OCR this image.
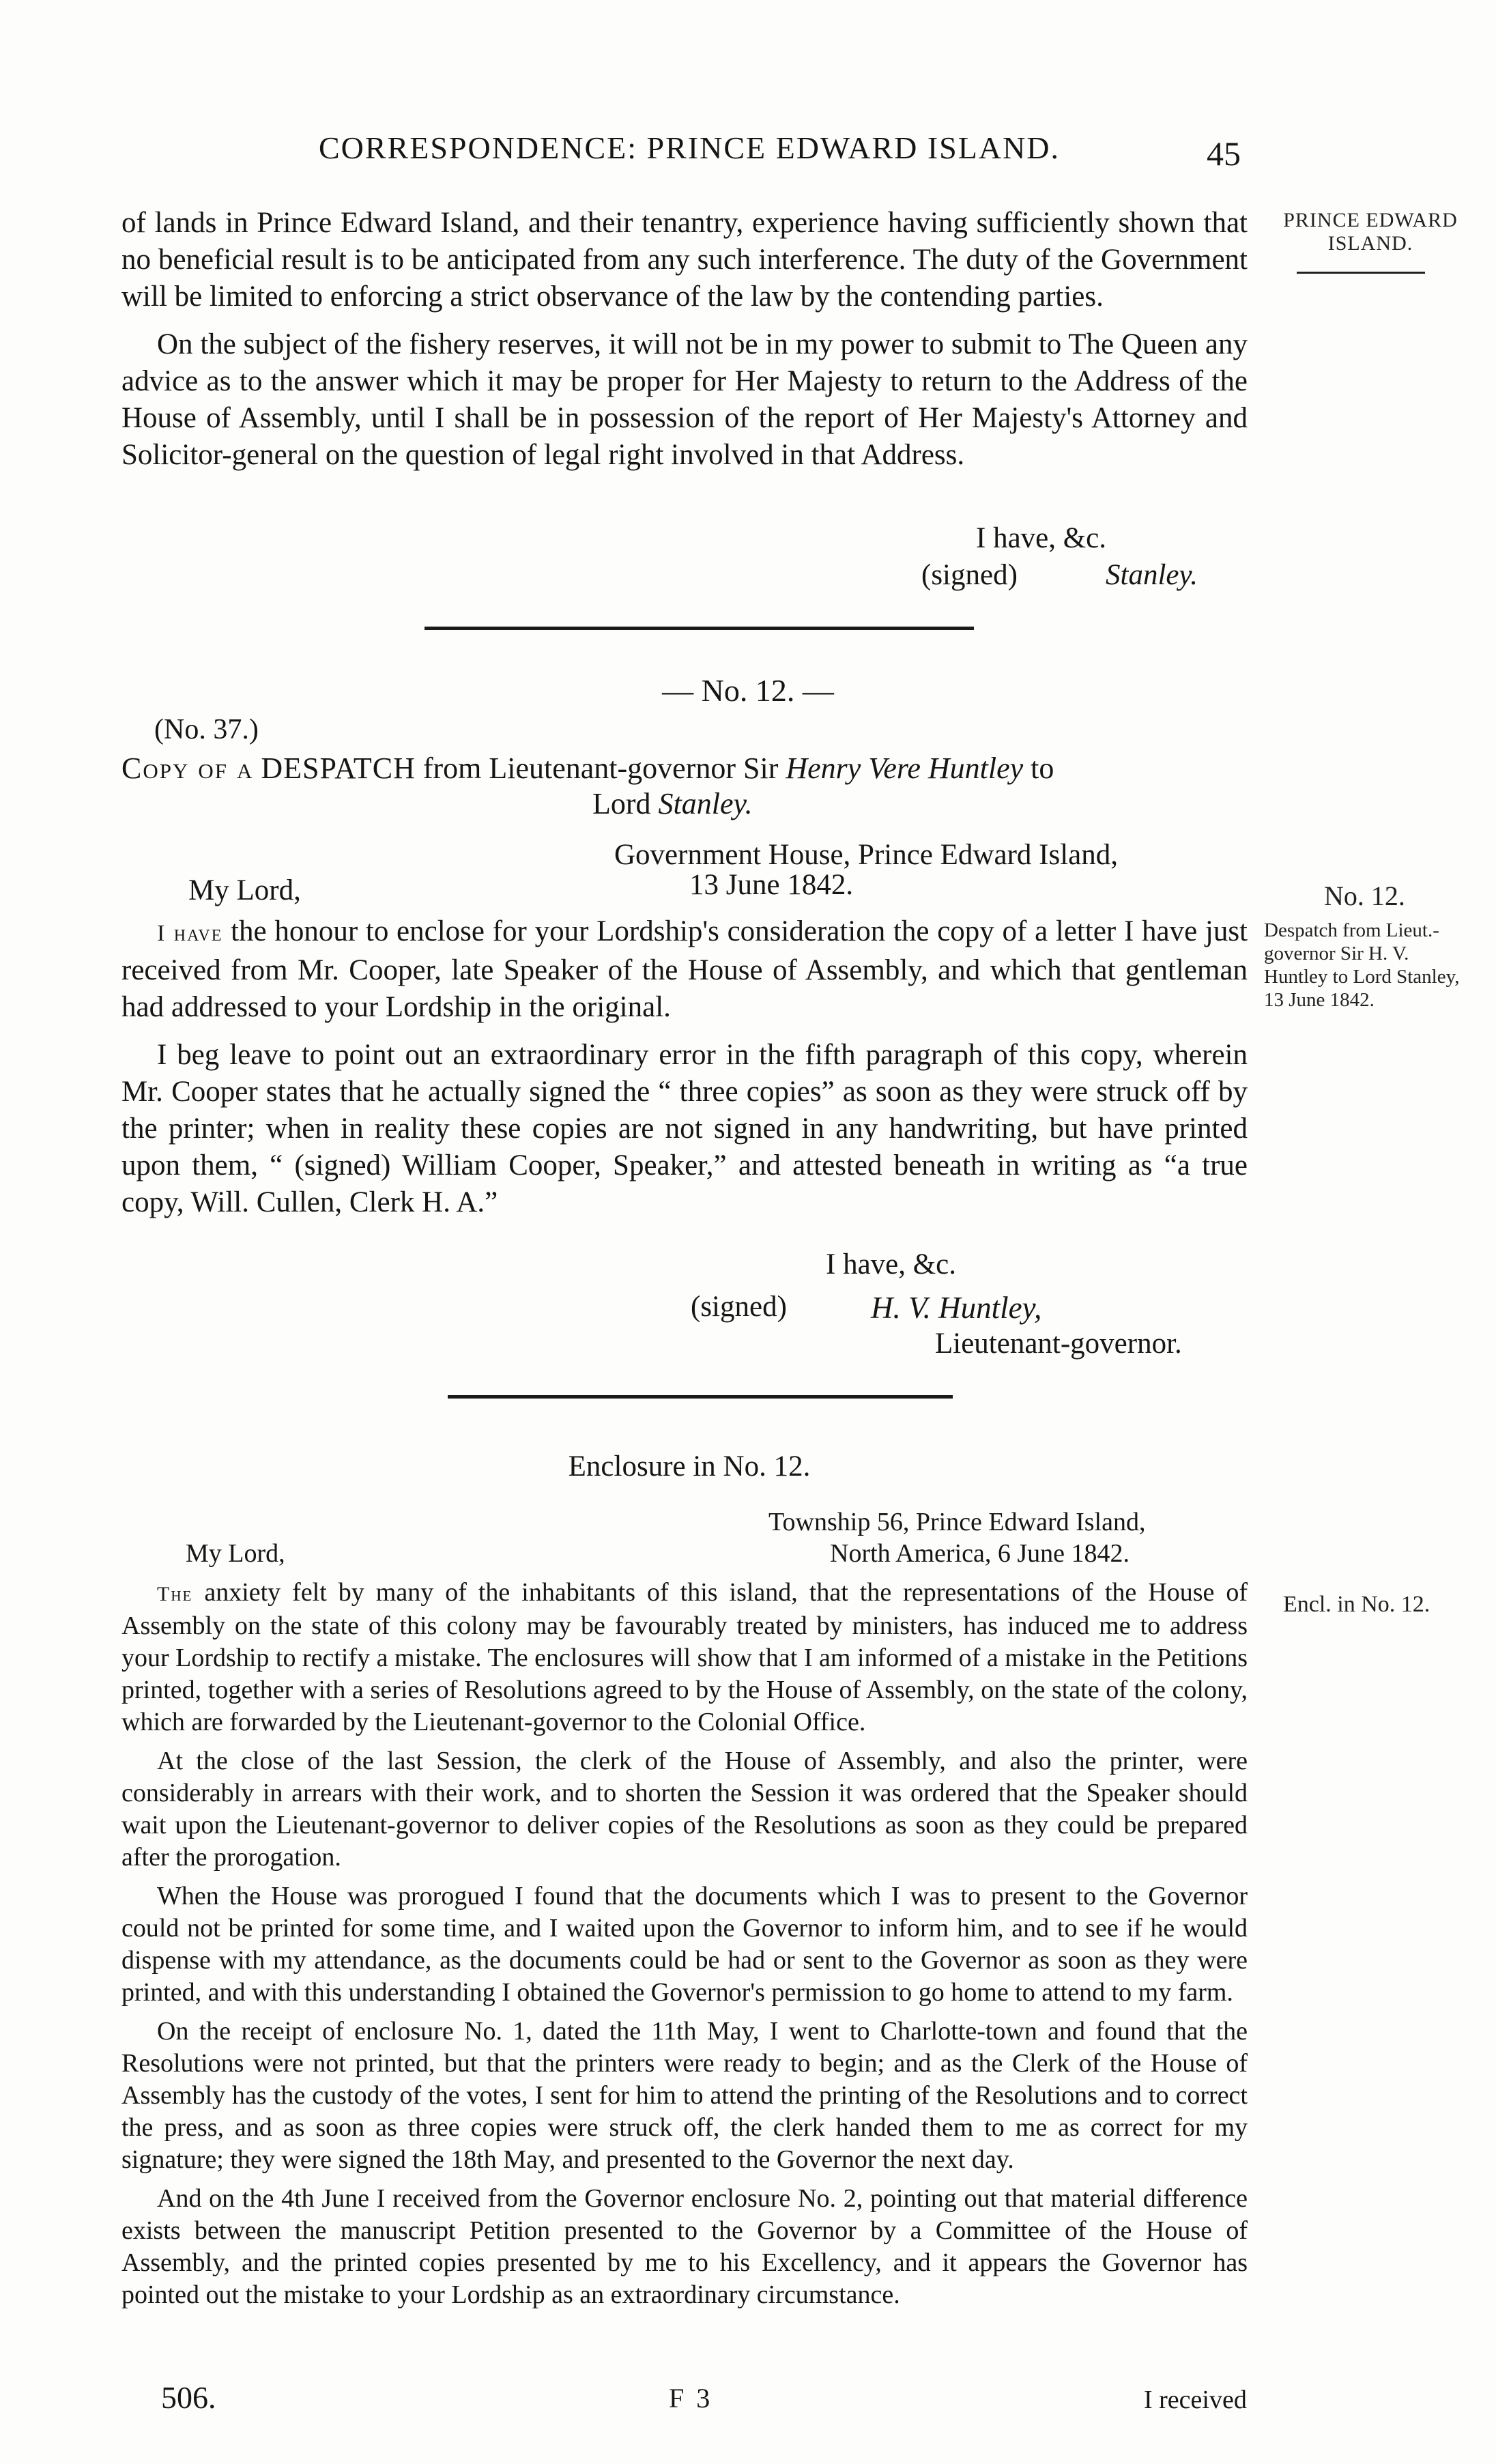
CORRESPONDENCE: PRINCE EDWARD ISLAND.	45
PRINCE EDWARD ISLAND.

of lands in Prince Edward Island, and their tenantry, experience having sufficiently shown that no beneficial result is to be anticipated from any such interference. The duty of the Government will be limited to enforcing a strict observance of the law by the contending parties.

On the subject of the fishery reserves, it will not be in my power to submit to The Queen any advice as to the answer which it may be proper for Her Majesty to return to the Address of the House of Assembly, until I shall be in possession of the report of Her Majesty's Attorney and Solicitor-general on the question of legal right involved in that Address.

I have, &c.
(signed)	Stanley.
— No. 12. —
(No. 37.)
Copy of a DESPATCH from Lieutenant-governor Sir Henry Vere Huntley to
Lord Stanley.
Government House, Prince Edward Island,
My Lord,	13 June 1842.	No. 12.
Despatch from Lieut.-governor Sir H. V. Huntley to Lord Stanley, 13 June 1842.

I have the honour to enclose for your Lordship's consideration the copy of a letter I have just received from Mr. Cooper, late Speaker of the House of Assembly, and which that gentleman had addressed to your Lordship in the original.

I beg leave to point out an extraordinary error in the fifth paragraph of this copy, wherein Mr. Cooper states that he actually signed the “ three copies” as soon as they were struck off by the printer; when in reality these copies are not signed in any handwriting, but have printed upon them, “ (signed) William Cooper, Speaker,” and attested beneath in writing as “a true copy, Will. Cullen, Clerk H. A.”

I have, &c.
(signed)	H. V. Huntley,
Lieutenant-governor.
Enclosure in No. 12.
Township 56, Prince Edward Island,
My Lord,	North America, 6 June 1842.
Encl. in No. 12.

The anxiety felt by many of the inhabitants of this island, that the representations of the House of Assembly on the state of this colony may be favourably treated by ministers, has induced me to address your Lordship to rectify a mistake. The enclosures will show that I am informed of a mistake in the Petitions printed, together with a series of Resolutions agreed to by the House of Assembly, on the state of the colony, which are forwarded by the Lieutenant-governor to the Colonial Office.

At the close of the last Session, the clerk of the House of Assembly, and also the printer, were considerably in arrears with their work, and to shorten the Session it was ordered that the Speaker should wait upon the Lieutenant-governor to deliver copies of the Resolutions as soon as they could be prepared after the prorogation.

When the House was prorogued I found that the documents which I was to present to the Governor could not be printed for some time, and I waited upon the Governor to inform him, and to see if he would dispense with my attendance, as the documents could be had or sent to the Governor as soon as they were printed, and with this understanding I obtained the Governor's permission to go home to attend to my farm.

On the receipt of enclosure No. 1, dated the 11th May, I went to Charlotte-town and found that the Resolutions were not printed, but that the printers were ready to begin; and as the Clerk of the House of Assembly has the custody of the votes, I sent for him to attend the printing of the Resolutions and to correct the press, and as soon as three copies were struck off, the clerk handed them to me as correct for my signature; they were signed the 18th May, and presented to the Governor the next day.

And on the 4th June I received from the Governor enclosure No. 2, pointing out that material difference exists between the manuscript Petition presented to the Governor by a Committee of the House of Assembly, and the printed copies presented by me to his Excellency, and it appears the Governor has pointed out the mistake to your Lordship as an extraordinary circumstance.

506.	F 3	I received
